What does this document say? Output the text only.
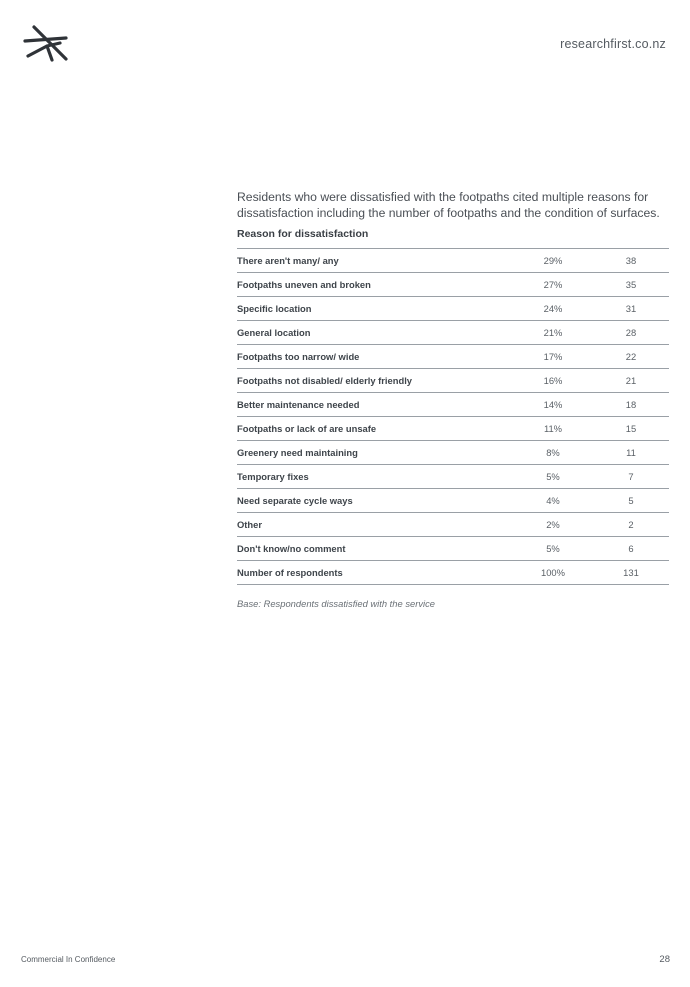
researchfirst.co.nz

Residents who were dissatisfied with the footpaths cited multiple reasons for dissatisfaction including the number of footpaths and the condition of surfaces.

Reason for dissatisfaction
There aren't many/ any	29%	38
Footpaths uneven and broken	27%	35
Specific location	24%	31
General location	21%	28
Footpaths too narrow/ wide	17%	22
Footpaths not disabled/ elderly friendly	16%	21
Better maintenance needed	14%	18
Footpaths or lack of are unsafe	11%	15
Greenery need maintaining	8%	11
Temporary fixes	5%	7
Need separate cycle ways	4%	5
Other	2%	2
Don't know/no comment	5%	6
Number of respondents	100%	131
Base: Respondents dissatisfied with the service
Commercial In Confidence	28
